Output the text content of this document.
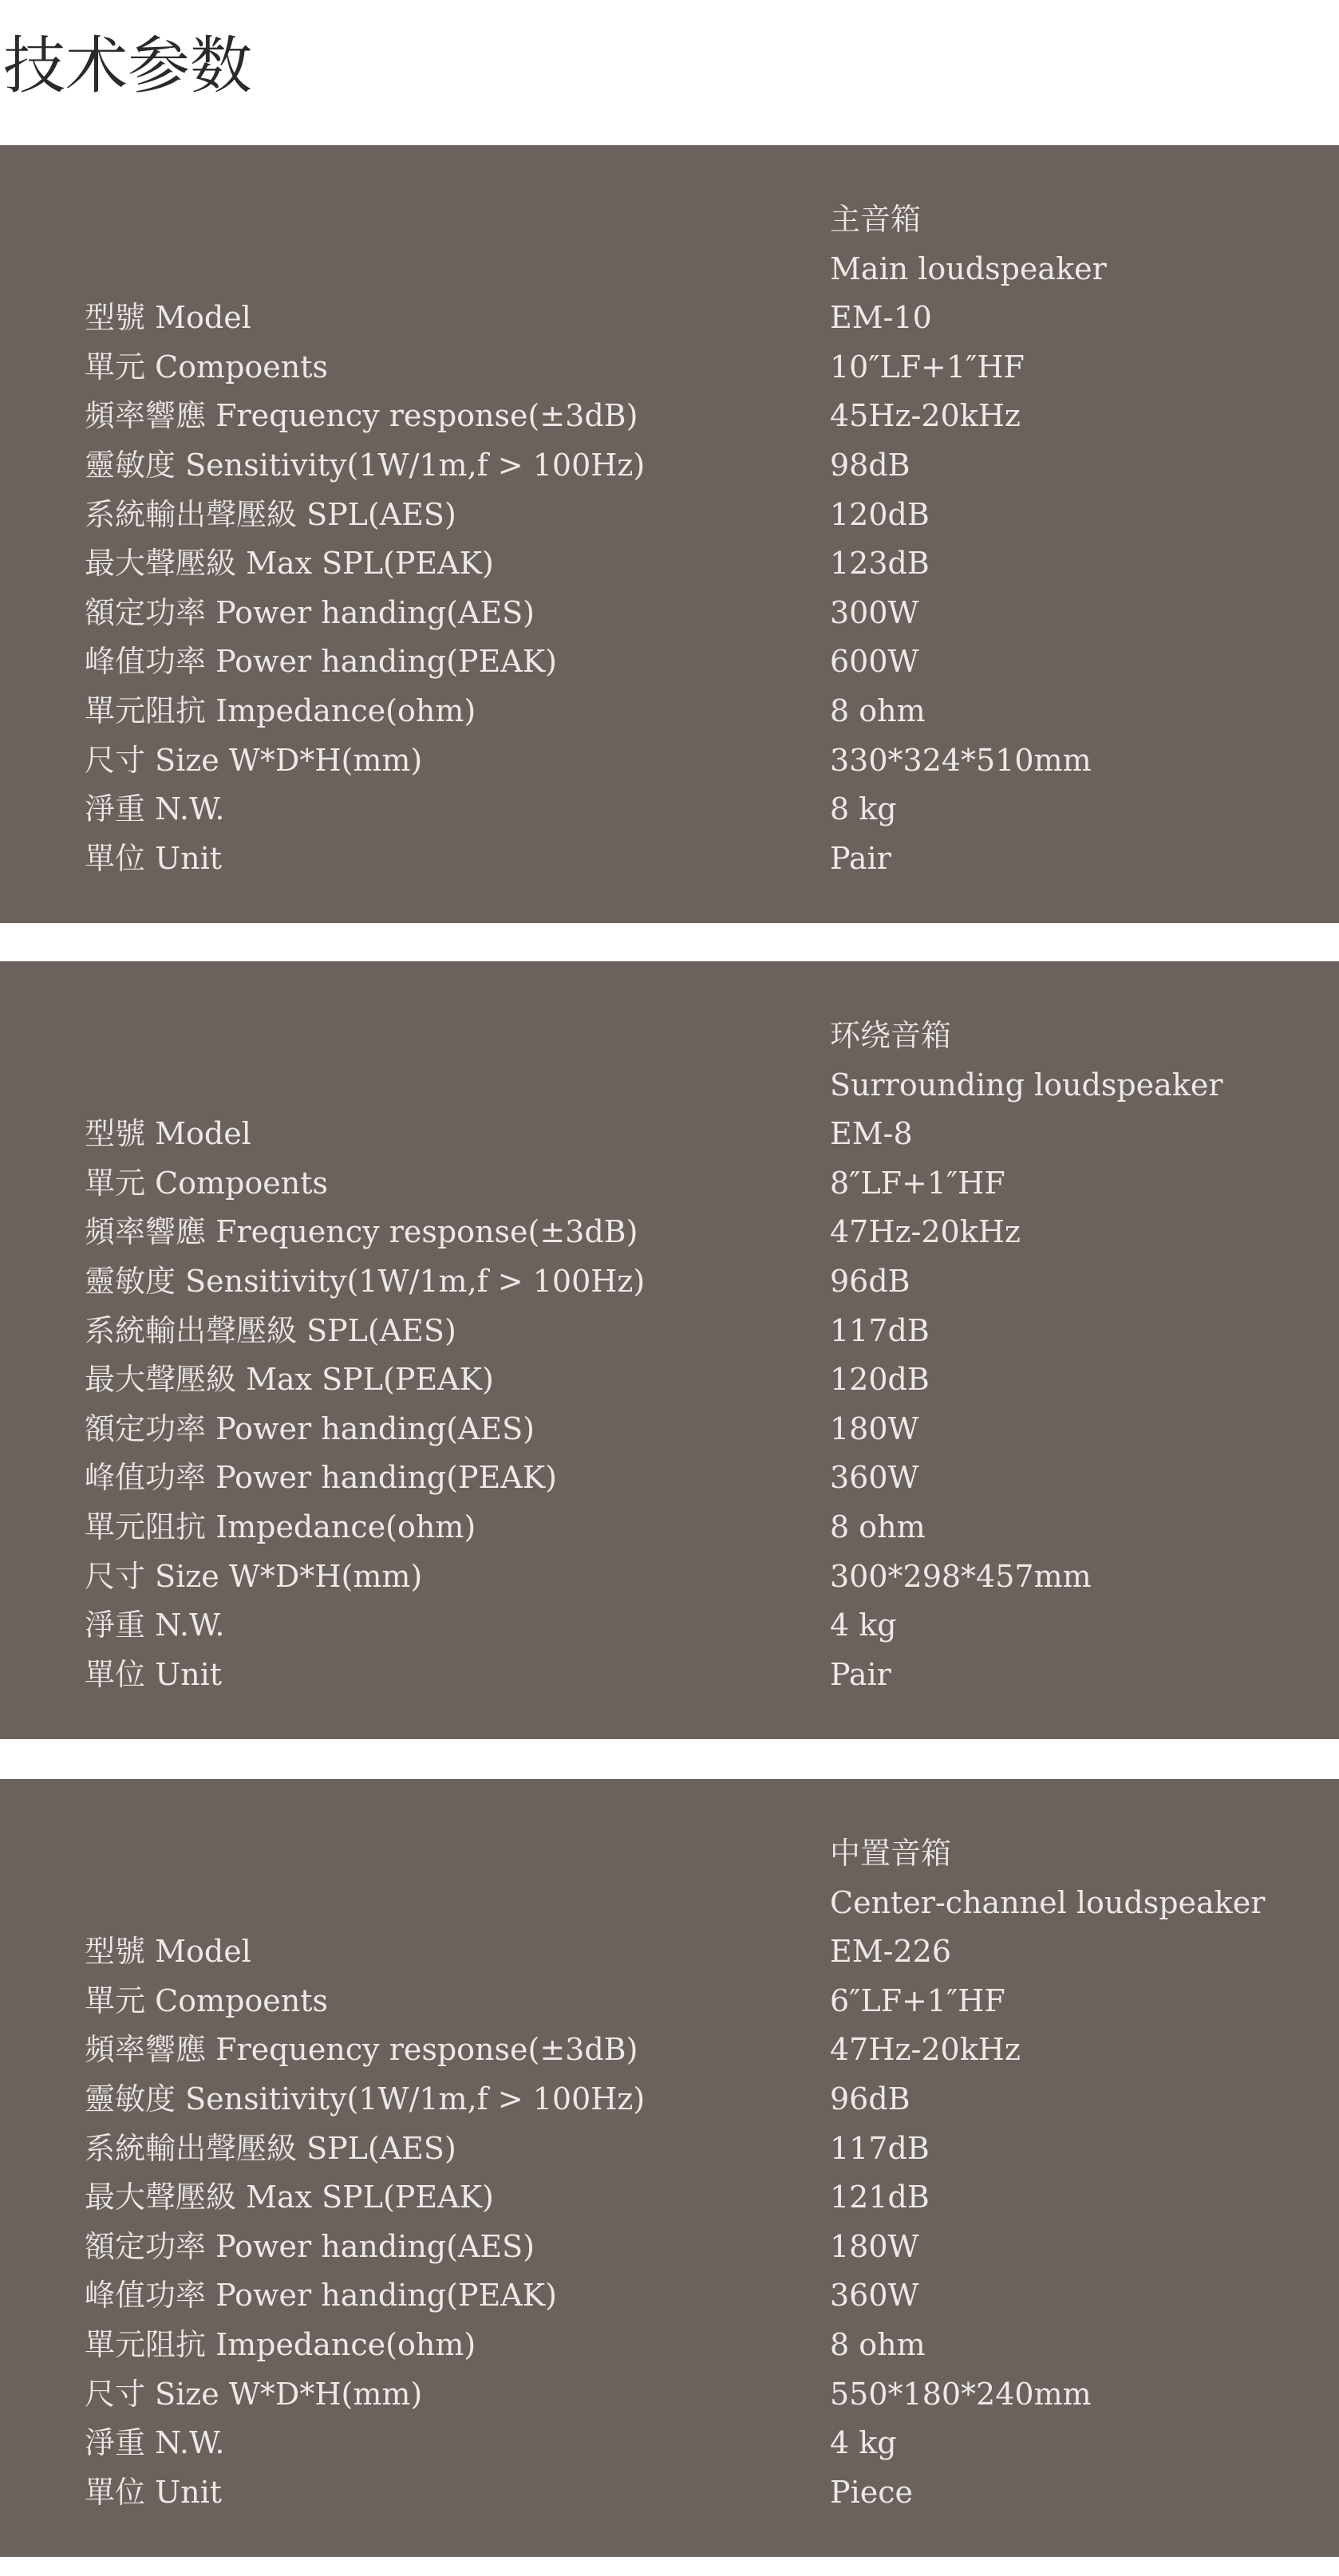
技术参数
主音箱
Main loudspeaker
型號 Model	EM-10
單元 Compoents	10″LF+1″HF
頻率響應 Frequency response(±3dB)	45Hz-20kHz
靈敏度 Sensitivity(1W/1m,f > 100Hz)	98dB
系統輸出聲壓級 SPL(AES)	120dB
最大聲壓級 Max SPL(PEAK)	123dB
額定功率 Power handing(AES)	300W
峰值功率 Power handing(PEAK)	600W
單元阻抗 Impedance(ohm)	8 ohm
尺寸 Size W*D*H(mm)	330*324*510mm
淨重 N.W.	8 kg
單位 Unit	Pair
环绕音箱
Surrounding loudspeaker
型號 Model	EM-8
單元 Compoents	8″LF+1″HF
頻率響應 Frequency response(±3dB)	47Hz-20kHz
靈敏度 Sensitivity(1W/1m,f > 100Hz)	96dB
系統輸出聲壓級 SPL(AES)	117dB
最大聲壓級 Max SPL(PEAK)	120dB
額定功率 Power handing(AES)	180W
峰值功率 Power handing(PEAK)	360W
單元阻抗 Impedance(ohm)	8 ohm
尺寸 Size W*D*H(mm)	300*298*457mm
淨重 N.W.	4 kg
單位 Unit	Pair
中置音箱
Center-channel loudspeaker
型號 Model	EM-226
單元 Compoents	6″LF+1″HF
頻率響應 Frequency response(±3dB)	47Hz-20kHz
靈敏度 Sensitivity(1W/1m,f > 100Hz)	96dB
系統輸出聲壓級 SPL(AES)	117dB
最大聲壓級 Max SPL(PEAK)	121dB
額定功率 Power handing(AES)	180W
峰值功率 Power handing(PEAK)	360W
單元阻抗 Impedance(ohm)	8 ohm
尺寸 Size W*D*H(mm)	550*180*240mm
淨重 N.W.	4 kg
單位 Unit	Piece
